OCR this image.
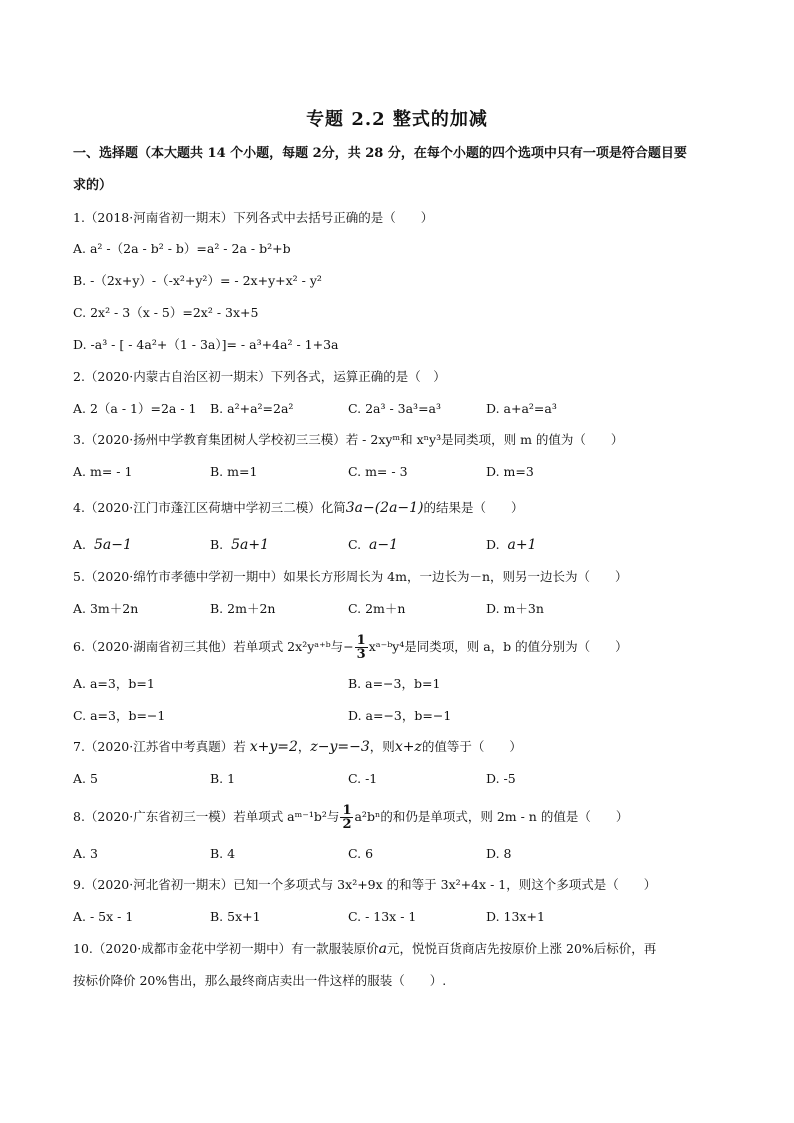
专题 2.2 整式的加减
一、选择题（本大题共 14 个小题，每题 2分，共 28 分，在每个小题的四个选项中只有一项是符合题目要
求的）
1.（2018·河南省初一期末）下列各式中去括号正确的是（　　）
A. a² -（2a - b² - b）=a² - 2a - b²+b
B. -（2x+y）-（-x²+y²）= - 2x+y+x² - y²
C. 2x² - 3（x - 5）=2x² - 3x+5
D. -a³ - [ - 4a²+（1 - 3a）]= - a³+4a² - 1+3a
2.（2020·内蒙古自治区初一期末）下列各式，运算正确的是（　）
A. 2（a - 1）=2a - 1 B. a²+a²=2a²	C. 2a³ - 3a³=a³	D. a+a²=a³
3.（2020·扬州中学教育集团树人学校初三三模）若 - 2xyᵐ和 xⁿy³是同类项，则 m 的值为（　　）
A. m= - 1	B. m=1	C. m= - 3	D. m=3
4.（2020·江门市蓬江区荷塘中学初三二模）化简3a−(2a−1)的结果是（　　）
A. 5a−1	B. 5a+1	C. a−1	D. a+1
5.（2020·绵竹市孝德中学初一期中）如果长方形周长为 4m，一边长为－n，则另一边长为（　　）
A. 3m＋2n	B. 2m＋2n	C. 2m＋n	D. m＋3n
6.（2020·湖南省初三其他）若单项式 2x²yᵃ⁺ᵇ与− $\frac{1}{3}$ xᵃ⁻ᵇy⁴是同类项，则 a，b 的值分别为（　　）
A. a=3，b=1	B. a=−3，b=1
C. a=3，b=−1	D. a=−3，b=−1
7.（2020·江苏省中考真题）若 x+y=2，z−y=−3，则x+z的值等于（　　）
A. 5	B. 1	C. -1	D. -5
8.（2020·广东省初三一模）若单项式 aᵐ⁻¹b²与 $\frac{1}{2} a^2b^n$的和仍是单项式，则 2m - n 的值是（　　）
A. 3	B. 4	C. 6	D. 8
9.（2020·河北省初一期末）已知一个多项式与 3x²+9x 的和等于 3x²+4x - 1，则这个多项式是（　　）
A. - 5x - 1	B. 5x+1	C. - 13x - 1	D. 13x+1
10.（2020·成都市金花中学初一期中）有一款服装原价a元，悦悦百货商店先按原价上涨 20%后标价，再
按标价降价 20%售出，那么最终商店卖出一件这样的服装（　　）.
